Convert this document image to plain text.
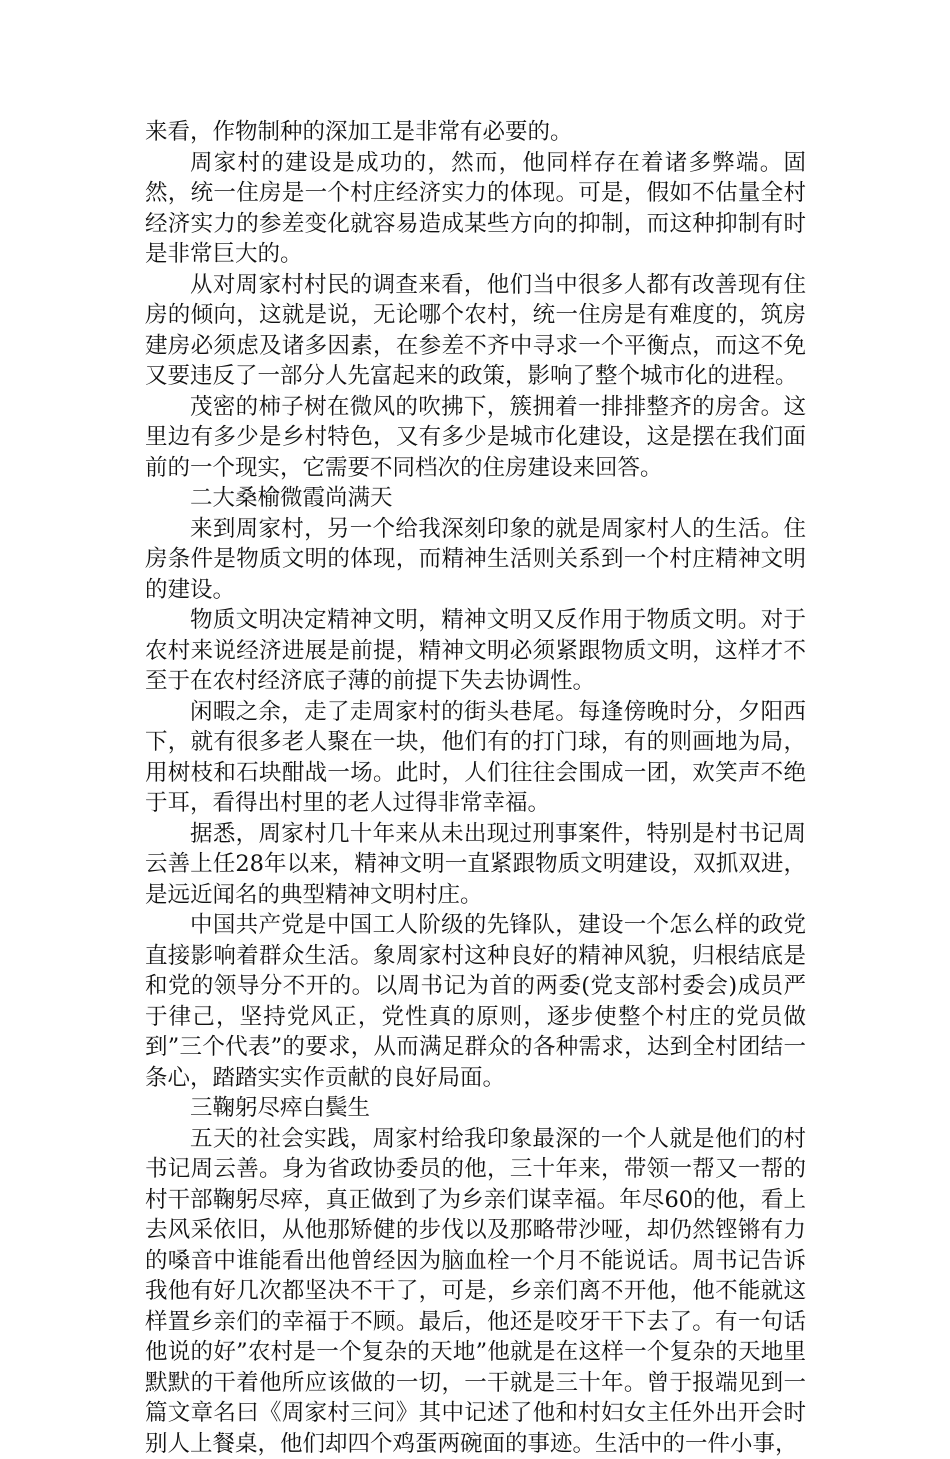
来看，作物制种的深加工是非常有必要的。

周家村的建设是成功的，然而，他同样存在着诸多弊端。固然，统一住房是一个村庄经济实力的体现。可是，假如不估量全村经济实力的参差变化就容易造成某些方向的抑制，而这种抑制有时是非常巨大的。

从对周家村村民的调查来看，他们当中很多人都有改善现有住房的倾向，这就是说，无论哪个农村，统一住房是有难度的，筑房建房必须虑及诸多因素，在参差不齐中寻求一个平衡点，而这不免又要违反了一部分人先富起来的政策，影响了整个城市化的进程。

茂密的柿子树在微风的吹拂下，簇拥着一排排整齐的房舍。这里边有多少是乡村特色，又有多少是城市化建设，这是摆在我们面前的一个现实，它需要不同档次的住房建设来回答。

二大桑榆微霞尚满天

来到周家村，另一个给我深刻印象的就是周家村人的生活。住房条件是物质文明的体现，而精神生活则关系到一个村庄精神文明的建设。

物质文明决定精神文明，精神文明又反作用于物质文明。对于农村来说经济进展是前提，精神文明必须紧跟物质文明，这样才不至于在农村经济底子薄的前提下失去协调性。

闲暇之余，走了走周家村的街头巷尾。每逢傍晚时分，夕阳西下，就有很多老人聚在一块，他们有的打门球，有的则画地为局，用树枝和石块酣战一场。此时，人们往往会围成一团，欢笑声不绝于耳，看得出村里的老人过得非常幸福。

据悉，周家村几十年来从未出现过刑事案件，特别是村书记周云善上任28年以来，精神文明一直紧跟物质文明建设，双抓双进，是远近闻名的典型精神文明村庄。

中国共产党是中国工人阶级的先锋队，建设一个怎么样的政党直接影响着群众生活。象周家村这种良好的精神风貌，归根结底是和党的领导分不开的。以周书记为首的两委(党支部村委会)成员严于律己，坚持党风正，党性真的原则，逐步使整个村庄的党员做到”三个代表”的要求，从而满足群众的各种需求，达到全村团结一条心，踏踏实实作贡献的良好局面。

三鞠躬尽瘁白鬓生

五天的社会实践，周家村给我印象最深的一个人就是他们的村书记周云善。身为省政协委员的他，三十年来，带领一帮又一帮的村干部鞠躬尽瘁，真正做到了为乡亲们谋幸福。年尽60的他，看上去风采依旧，从他那矫健的步伐以及那略带沙哑，却仍然铿锵有力的嗓音中谁能看出他曾经因为脑血栓一个月不能说话。周书记告诉我他有好几次都坚决不干了，可是，乡亲们离不开他，他不能就这样置乡亲们的幸福于不顾。最后，他还是咬牙干下去了。有一句话他说的好”农村是一个复杂的天地”他就是在这样一个复杂的天地里默默的干着他所应该做的一切，一干就是三十年。曾于报端见到一篇文章名曰《周家村三问》其中记述了他和村妇女主任外出开会时别人上餐桌，他们却四个鸡蛋两碗面的事迹。生活中的一件小事，
